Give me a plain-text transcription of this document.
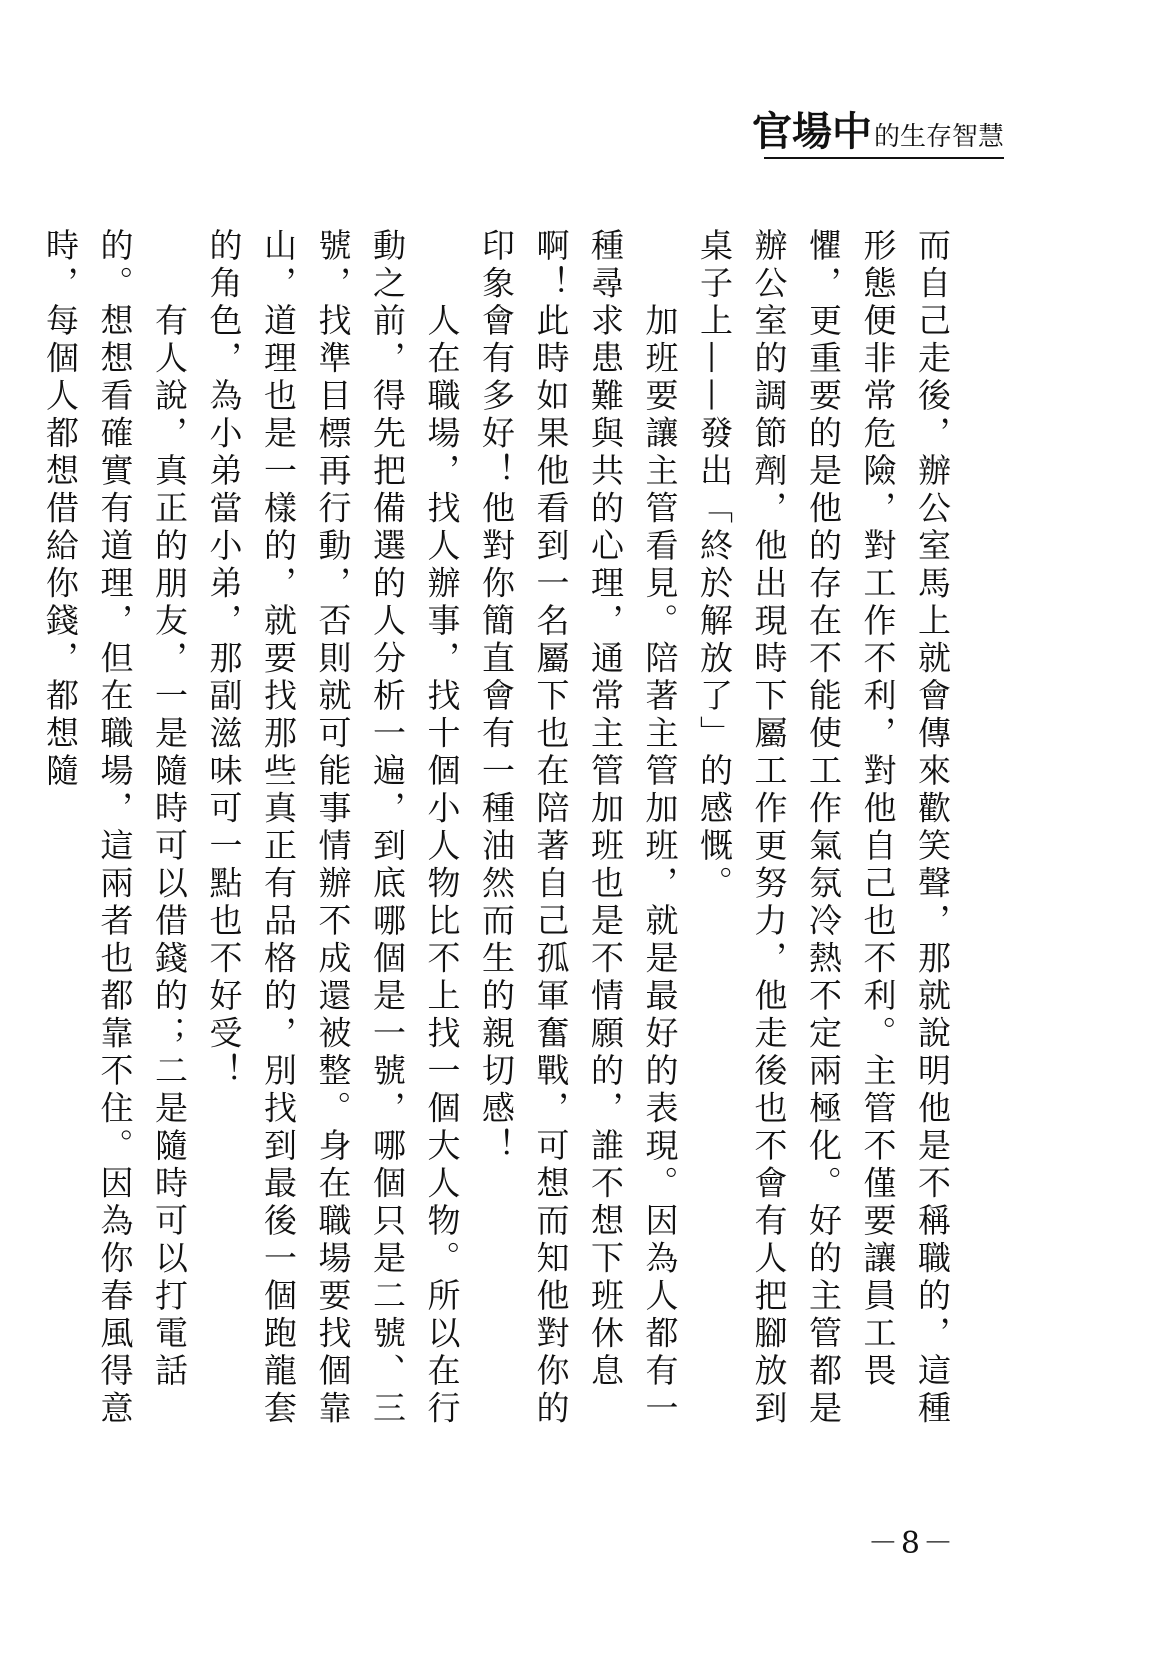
官場中 的生存智慧

而自己走後，辦公室馬上就會傳來歡笑聲，那就說明他是不稱職的，這種形態便非常危險，對工作不利，對他自己也不利。主管不僅要讓員工畏懼，更重要的是他的存在不能使工作氣氛冷熱不定兩極化。好的主管都是辦公室的調節劑，他出現時下屬工作更努力，他走後也不會有人把腳放到桌子上——發出「終於解放了」的感慨。

　　加班要讓主管看見。陪著主管加班，就是最好的表現。因為人都有一種尋求患難與共的心理，通常主管加班也是不情願的，誰不想下班休息啊！此時如果他看到一名屬下也在陪著自己孤軍奮戰，可想而知他對你的印象會有多好！他對你簡直會有一種油然而生的親切感！

　　人在職場，找人辦事，找十個小人物比不上找一個大人物。所以在行動之前，得先把備選的人分析一遍，到底哪個是一號，哪個只是二號、三號，找準目標再行動，否則就可能事情辦不成還被整。身在職場要找個靠山，道理也是一樣的，就要找那些真正有品格的，別找到最後一個跑龍套的角色，為小弟當小弟，那副滋味可一點也不好受！

　　有人說，真正的朋友，一是隨時可以借錢的；二是隨時可以打電話的。想想看確實有道理，但在職場，這兩者也都靠不住。因為你春風得意時，每個人都想借給你錢，都想隨

－8－
